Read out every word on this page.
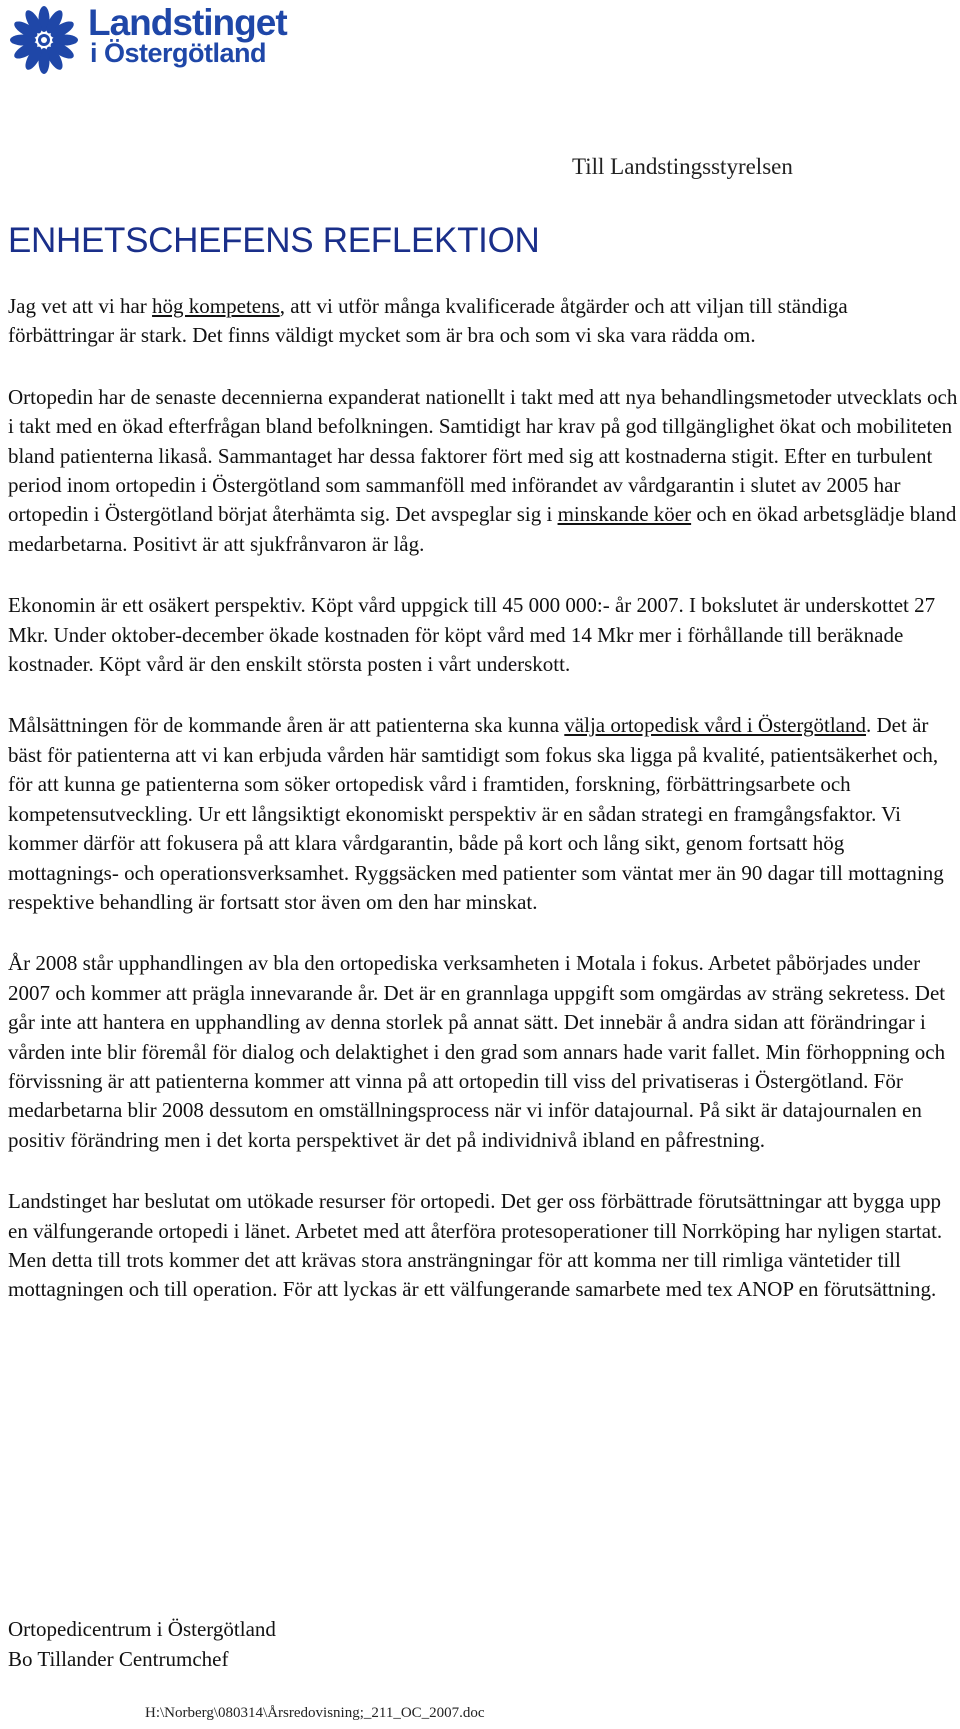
Landstinget
i Östergötland
Till Landstingsstyrelsen
ENHETSCHEFENS REFLEKTION

Jag vet att vi har hög kompetens, att vi utför många kvalificerade åtgärder och att viljan till ständiga förbättringar är stark. Det finns väldigt mycket som är bra och som vi ska vara rädda om.

Ortopedin har de senaste decennierna expanderat nationellt i takt med att nya behandlingsmetoder utvecklats och i takt med en ökad efterfrågan bland befolkningen. Samtidigt har krav på god tillgänglighet ökat och mobiliteten bland patienterna likaså. Sammantaget har dessa faktorer fört med sig att kostnaderna stigit. Efter en turbulent period inom ortopedin i Östergötland som sammanföll med införandet av vårdgarantin i slutet av 2005 har ortopedin i Östergötland börjat återhämta sig. Det avspeglar sig i minskande köer och en ökad arbetsglädje bland medarbetarna. Positivt är att sjukfrånvaron är låg.

Ekonomin är ett osäkert perspektiv. Köpt vård uppgick till 45 000 000:- år 2007. I bokslutet är underskottet 27 Mkr. Under oktober-december ökade kostnaden för köpt vård med 14 Mkr mer i förhållande till beräknade kostnader. Köpt vård är den enskilt största posten i vårt underskott.

Målsättningen för de kommande åren är att patienterna ska kunna välja ortopedisk vård i Östergötland. Det är bäst för patienterna att vi kan erbjuda vården här samtidigt som fokus ska ligga på kvalité, patientsäkerhet och, för att kunna ge patienterna som söker ortopedisk vård i framtiden, forskning, förbättringsarbete och kompetensutveckling. Ur ett långsiktigt ekonomiskt perspektiv är en sådan strategi en framgångsfaktor. Vi kommer därför att fokusera på att klara vårdgarantin, både på kort och lång sikt, genom fortsatt hög mottagnings- och operationsverksamhet. Ryggsäcken med patienter som väntat mer än 90 dagar till mottagning respektive behandling är fortsatt stor även om den har minskat.

År 2008 står upphandlingen av bla den ortopediska verksamheten i Motala i fokus. Arbetet påbörjades under 2007 och kommer att prägla innevarande år. Det är en grannlaga uppgift som omgärdas av sträng sekretess. Det går inte att hantera en upphandling av denna storlek på annat sätt. Det innebär å andra sidan att förändringar i vården inte blir föremål för dialog och delaktighet i den grad som annars hade varit fallet. Min förhoppning och förvissning är att patienterna kommer att vinna på att ortopedin till viss del privatiseras i Östergötland. För medarbetarna blir 2008 dessutom en omställningsprocess när vi inför datajournal. På sikt är datajournalen en positiv förändring men i det korta perspektivet är det på individnivå ibland en påfrestning.

Landstinget har beslutat om utökade resurser för ortopedi. Det ger oss förbättrade förutsättningar att bygga upp en välfungerande ortopedi i länet. Arbetet med att återföra protesoperationer till Norrköping har nyligen startat. Men detta till trots kommer det att krävas stora ansträngningar för att komma ner till rimliga väntetider till mottagningen och till operation. För att lyckas är ett välfungerande samarbete med tex ANOP en förutsättning.

Ortopedicentrum i Östergötland
Bo Tillander Centrumchef
H:\Norberg\080314\Årsredovisning;_211_OC_2007.doc
